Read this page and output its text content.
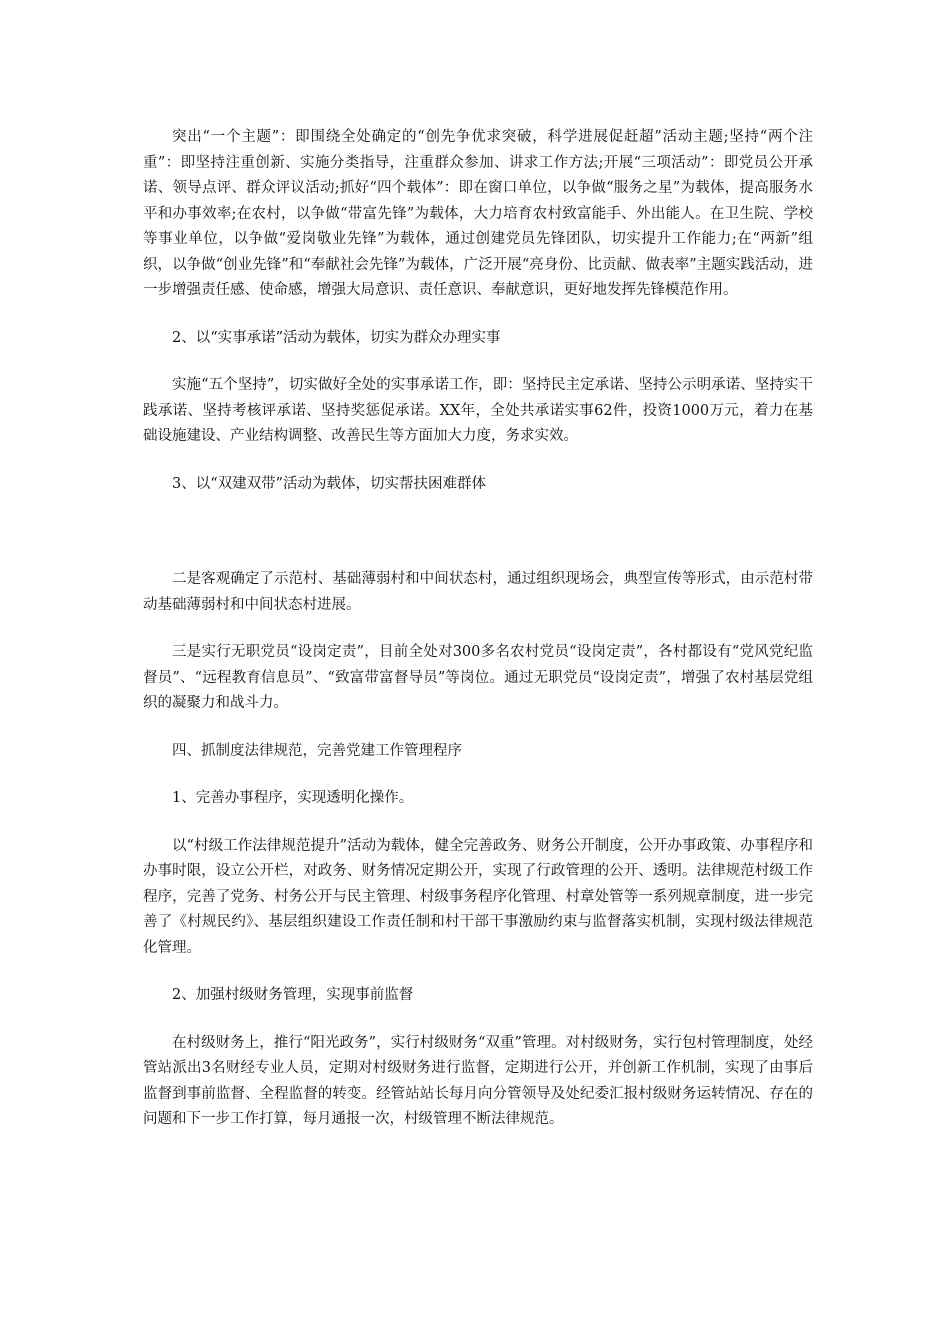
突出“一个主题”：即围绕全处确定的“创先争优求突破，科学进展促赶超”活动主题;坚持“两个注重”：即坚持注重创新、实施分类指导，注重群众参加、讲求工作方法;开展“三项活动”：即党员公开承诺、领导点评、群众评议活动;抓好“四个载体”：即在窗口单位，以争做“服务之星”为载体，提高服务水平和办事效率;在农村，以争做“带富先锋”为载体，大力培育农村致富能手、外出能人。在卫生院、学校等事业单位，以争做“爱岗敬业先锋”为载体，通过创建党员先锋团队，切实提升工作能力;在“两新”组织，以争做“创业先锋”和“奉献社会先锋”为载体，广泛开展“亮身份、比贡献、做表率”主题实践活动，进一步增强责任感、使命感，增强大局意识、责任意识、奉献意识，更好地发挥先锋模范作用。

2、以“实事承诺”活动为载体，切实为群众办理实事

实施“五个坚持”，切实做好全处的实事承诺工作，即：坚持民主定承诺、坚持公示明承诺、坚持实干践承诺、坚持考核评承诺、坚持奖惩促承诺。XX年，全处共承诺实事62件，投资1000万元，着力在基础设施建设、产业结构调整、改善民生等方面加大力度，务求实效。

3、以“双建双带”活动为载体，切实帮扶困难群体

二是客观确定了示范村、基础薄弱村和中间状态村，通过组织现场会，典型宣传等形式，由示范村带动基础薄弱村和中间状态村进展。

三是实行无职党员“设岗定责”，目前全处对300多名农村党员“设岗定责”，各村都设有“党风党纪监督员”、“远程教育信息员”、“致富带富督导员”等岗位。通过无职党员“设岗定责”，增强了农村基层党组织的凝聚力和战斗力。

四、抓制度法律规范，完善党建工作管理程序

1、完善办事程序，实现透明化操作。

以“村级工作法律规范提升”活动为载体，健全完善政务、财务公开制度，公开办事政策、办事程序和办事时限，设立公开栏，对政务、财务情况定期公开，实现了行政管理的公开、透明。法律规范村级工作程序，完善了党务、村务公开与民主管理、村级事务程序化管理、村章处管等一系列规章制度，进一步完善了《村规民约》、基层组织建设工作责任制和村干部干事激励约束与监督落实机制，实现村级法律规范化管理。

2、加强村级财务管理，实现事前监督

在村级财务上，推行“阳光政务”，实行村级财务“双重”管理。对村级财务，实行包村管理制度，处经管站派出3名财经专业人员，定期对村级财务进行监督，定期进行公开，并创新工作机制，实现了由事后监督到事前监督、全程监督的转变。经管站站长每月向分管领导及处纪委汇报村级财务运转情况、存在的问题和下一步工作打算，每月通报一次，村级管理不断法律规范。
